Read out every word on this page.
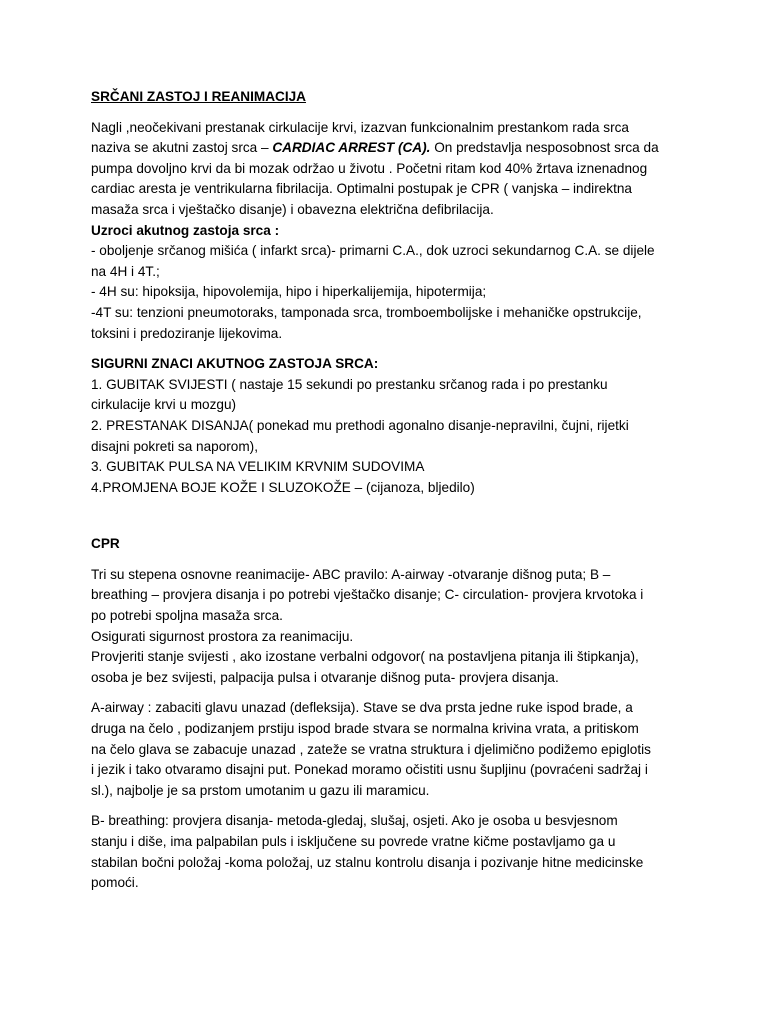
SRČANI ZASTOJ I REANIMACIJA
Nagli ,neočekivani prestanak cirkulacije krvi, izazvan funkcionalnim prestankom rada srca
naziva se akutni zastoj srca – CARDIAC ARREST (CA). On predstavlja nesposobnost srca da
pumpa dovoljno krvi da bi mozak održao u životu . Početni ritam kod 40% žrtava iznenadnog
cardiac aresta je ventrikularna fibrilacija. Optimalni postupak je CPR ( vanjska – indirektna
masaža srca i vještačko disanje) i obavezna električna defibrilacija.
Uzroci akutnog zastoja srca :
- oboljenje srčanog mišića ( infarkt srca)- primarni C.A., dok uzroci sekundarnog C.A. se dijele
na 4H i 4T.;
- 4H su: hipoksija, hipovolemija, hipo i hiperkalijemija, hipotermija;
-4T su: tenzioni pneumotoraks, tamponada srca, tromboembolijske i mehaničke opstrukcije,
toksini i predoziranje lijekovima.
SIGURNI ZNACI AKUTNOG ZASTOJA SRCA:
1. GUBITAK SVIJESTI ( nastaje 15 sekundi po prestanku srčanog rada i po prestanku
cirkulacije krvi u mozgu)
2. PRESTANAK DISANJA( ponekad mu prethodi agonalno disanje-nepravilni, čujni, rijetki
disajni pokreti sa naporom),
3. GUBITAK PULSA NA VELIKIM KRVNIM SUDOVIMA
4.PROMJENA BOJE KOŽE I SLUZOKOŽE – (cijanoza, bljedilo)
CPR
Tri su stepena osnovne reanimacije- ABC pravilo: A-airway -otvaranje dišnog puta; B –
breathing – provjera disanja i po potrebi vještačko disanje; C- circulation- provjera krvotoka i
po potrebi spoljna masaža srca.
Osigurati sigurnost prostora za reanimaciju.
Provjeriti stanje svijesti , ako izostane verbalni odgovor( na postavljena pitanja ili štipkanja),
osoba je bez svijesti, palpacija pulsa i otvaranje dišnog puta- provjera disanja.
A-airway : zabaciti glavu unazad (defleksija). Stave se dva prsta jedne ruke ispod brade, a
druga na čelo , podizanjem prstiju ispod brade stvara se normalna krivina vrata, a pritiskom
na čelo glava se zabacuje unazad , zateže se vratna struktura i djelimično podižemo epiglotis
i jezik i tako otvaramo disajni put. Ponekad moramo očistiti usnu šupljinu (povraćeni sadržaj i
sl.), najbolje je sa prstom umotanim u gazu ili maramicu.
B- breathing: provjera disanja- metoda-gledaj, slušaj, osjeti. Ako je osoba u besvjesnom
stanju i diše, ima palpabilan puls i isključene su povrede vratne kičme postavljamo ga u
stabilan bočni položaj -koma položaj, uz stalnu kontrolu disanja i pozivanje hitne medicinske
pomoći.
